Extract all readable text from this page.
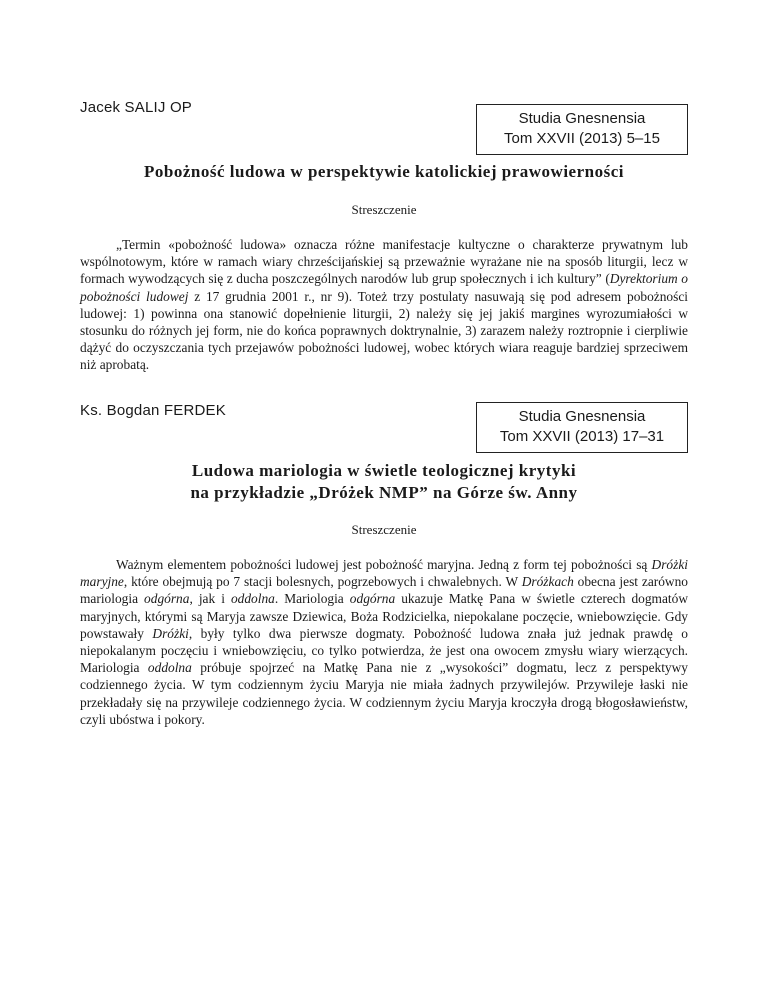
Jacek SALIJ OP
Studia Gnesnensia
Tom XXVII (2013) 5–15
Pobożność ludowa w perspektywie katolickiej prawowierności
Streszczenie

„Termin «pobożność ludowa» oznacza różne manifestacje kultyczne o charakterze prywatnym lub wspólnotowym, które w ramach wiary chrześcijańskiej są przeważnie wyrażane nie na sposób liturgii, lecz w formach wywodzących się z ducha poszczególnych narodów lub grup społecznych i ich kultury” (Dyrektorium o pobożności ludowej z 17 grudnia 2001 r., nr 9). Toteż trzy postulaty nasuwają się pod adresem pobożności ludowej: 1) powinna ona stanowić dopełnienie liturgii, 2) należy się jej jakiś margines wyrozumiałości w stosunku do różnych jej form, nie do końca poprawnych doktrynalnie, 3) zarazem należy roztropnie i cierpliwie dążyć do oczyszczania tych przejawów pobożności ludowej, wobec których wiara reaguje bardziej sprzeciwem niż aprobatą.

Ks. Bogdan FERDEK	Studia Gnesnensia
Tom XXVII (2013) 17–31
Ludowa mariologia w świetle teologicznej krytyki
na przykładzie „Dróżek NMP” na Górze św. Anny
Streszczenie

Ważnym elementem pobożności ludowej jest pobożność maryjna. Jedną z form tej pobożności są Dróżki maryjne, które obejmują po 7 stacji bolesnych, pogrzebowych i chwalebnych. W Dróżkach obecna jest zarówno mariologia odgórna, jak i oddolna. Mariologia odgórna ukazuje Matkę Pana w świetle czterech dogmatów maryjnych, którymi są Maryja zawsze Dziewica, Boża Rodzicielka, niepokalane poczęcie, wniebowzięcie. Gdy powstawały Dróżki, były tylko dwa pierwsze dogmaty. Pobożność ludowa znała już jednak prawdę o niepokalanym poczęciu i wniebowzięciu, co tylko potwierdza, że jest ona owocem zmysłu wiary wierzących. Mariologia oddolna próbuje spojrzeć na Matkę Pana nie z „wysokości” dogmatu, lecz z perspektywy codziennego życia. W tym codziennym życiu Maryja nie miała żadnych przywilejów. Przywileje łaski nie przekładały się na przywileje codziennego życia. W codziennym życiu Maryja kroczyła drogą błogosławieństw, czyli ubóstwa i pokory.
